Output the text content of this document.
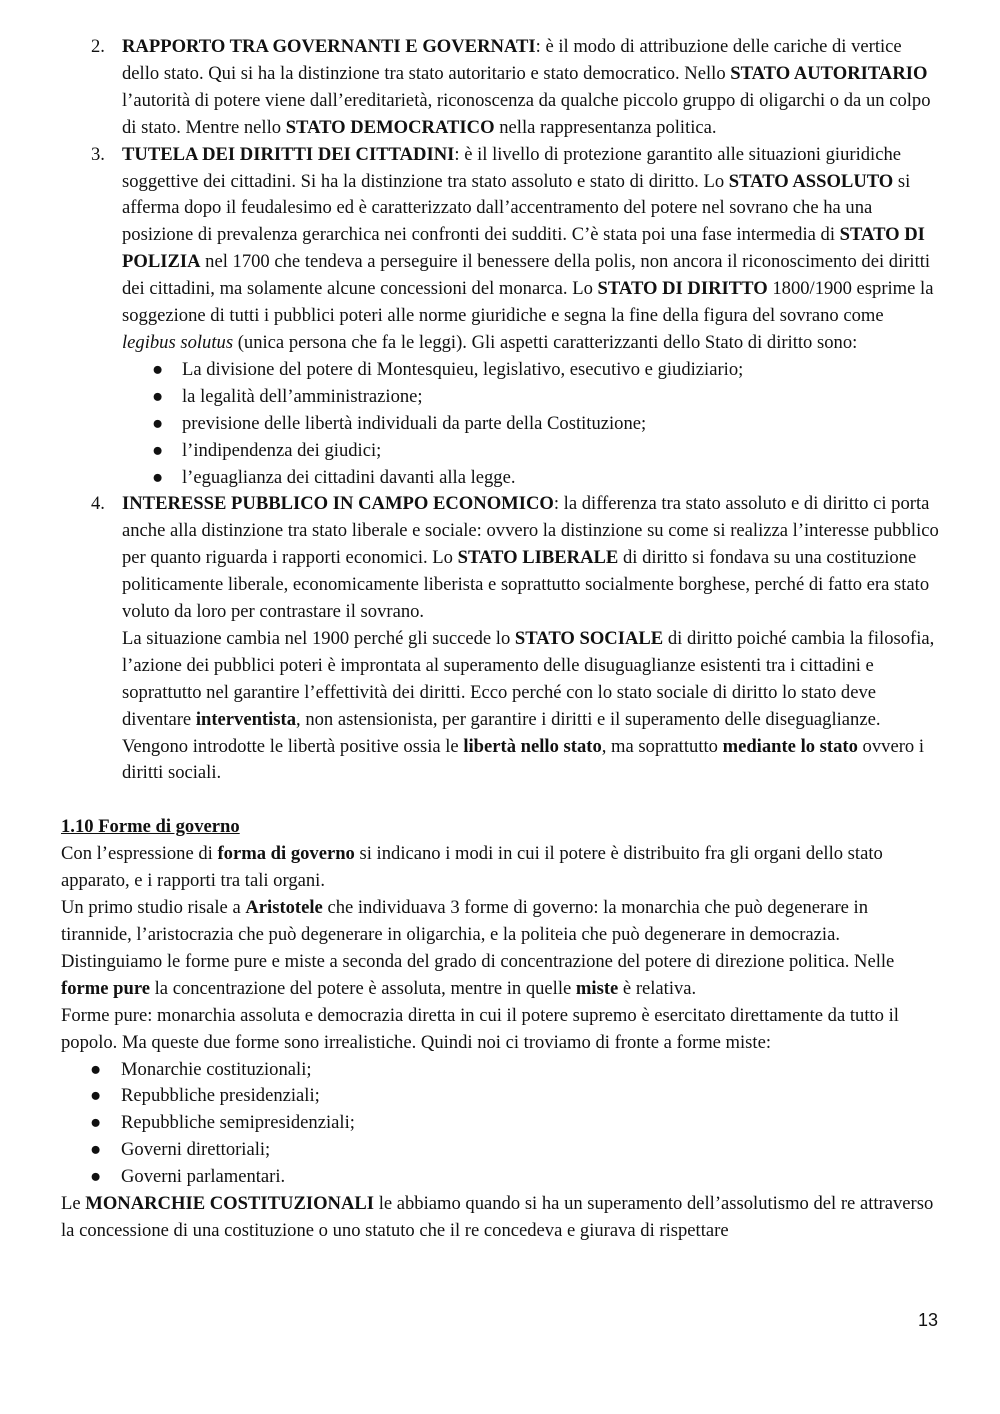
2. RAPPORTO TRA GOVERNANTI E GOVERNATI: è il modo di attribuzione delle cariche di vertice dello stato. Qui si ha la distinzione tra stato autoritario e stato democratico. Nello STATO AUTORITARIO l’autorità di potere viene dall’ereditarietà, riconoscenza da qualche piccolo gruppo di oligarchi o da un colpo di stato. Mentre nello STATO DEMOCRATICO nella rappresentanza politica.

3. TUTELA DEI DIRITTI DEI CITTADINI: è il livello di protezione garantito alle situazioni giuridiche soggettive dei cittadini. Si ha la distinzione tra stato assoluto e stato di diritto. Lo STATO ASSOLUTO si afferma dopo il feudalesimo ed è caratterizzato dall’accentramento del potere nel sovrano che ha una posizione di prevalenza gerarchica nei confronti dei sudditi. C’è stata poi una fase intermedia di STATO DI POLIZIA nel 1700 che tendeva a perseguire il benessere della polis, non ancora il riconoscimento dei diritti dei cittadini, ma solamente alcune concessioni del monarca. Lo STATO DI DIRITTO 1800/1900 esprime la soggezione di tutti i pubblici poteri alle norme giuridiche e segna la fine della figura del sovrano come legibus solutus (unica persona che fa le leggi). Gli aspetti caratterizzanti dello Stato di diritto sono:

● La divisione del potere di Montesquieu, legislativo, esecutivo e giudiziario;
● la legalità dell’amministrazione;
● previsione delle libertà individuali da parte della Costituzione;
● l’indipendenza dei giudici;
● l’eguaglianza dei cittadini davanti alla legge.
4. INTERESSE PUBBLICO IN CAMPO ECONOMICO: la differenza tra stato assoluto e di diritto ci porta anche alla distinzione tra stato liberale e sociale: ovvero la distinzione su come si realizza l’interesse pubblico per quanto riguarda i rapporti economici. Lo STATO LIBERALE di diritto si fondava su una costituzione politicamente liberale, economicamente liberista e soprattutto socialmente borghese, perché di fatto era stato voluto da loro per contrastare il sovrano.

La situazione cambia nel 1900 perché gli succede lo STATO SOCIALE di diritto poiché cambia la filosofia, l’azione dei pubblici poteri è improntata al superamento delle disuguaglianze esistenti tra i cittadini e soprattutto nel garantire l’effettività dei diritti. Ecco perché con lo stato sociale di diritto lo stato deve diventare interventista, non astensionista, per garantire i diritti e il superamento delle diseguaglianze. Vengono introdotte le libertà positive ossia le libertà nello stato, ma soprattutto mediante lo stato ovvero i diritti sociali.

1.10 Forme di governo

Con l’espressione di forma di governo si indicano i modi in cui il potere è distribuito fra gli organi dello stato apparato, e i rapporti tra tali organi.

Un primo studio risale a Aristotele che individuava 3 forme di governo: la monarchia che può degenerare in tirannide, l’aristocrazia che può degenerare in oligarchia, e la politeia che può degenerare in democrazia. Distinguiamo le forme pure e miste a seconda del grado di concentrazione del potere di direzione politica. Nelle forme pure la concentrazione del potere è assoluta, mentre in quelle miste è relativa.

Forme pure: monarchia assoluta e democrazia diretta in cui il potere supremo è esercitato direttamente da tutto il popolo. Ma queste due forme sono irrealistiche. Quindi noi ci troviamo di fronte a forme miste:

● Monarchie costituzionali;
● Repubbliche presidenziali;
● Repubbliche semipresidenziali;
● Governi direttoriali;
● Governi parlamentari.

Le MONARCHIE COSTITUZIONALI le abbiamo quando si ha un superamento dell’assolutismo del re attraverso la concessione di una costituzione o uno statuto che il re concedeva e giurava di rispettare

13
